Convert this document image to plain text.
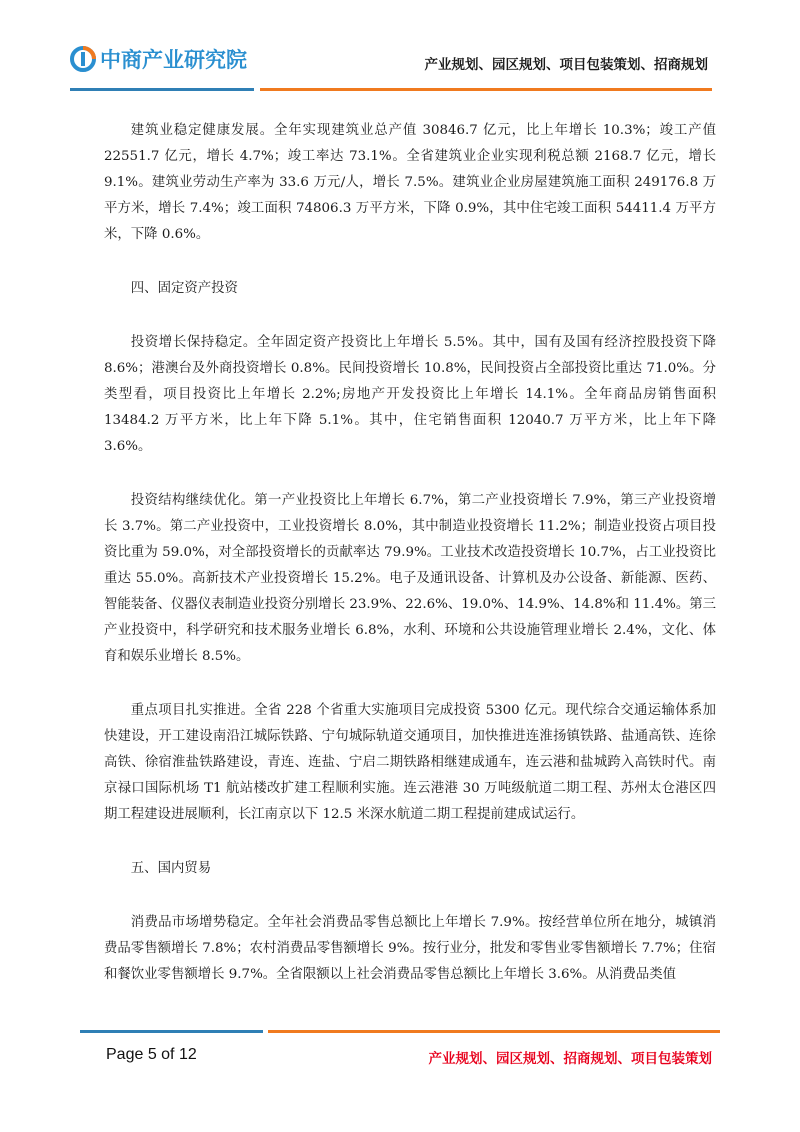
中商产业研究院	产业规划、园区规划、项目包装策划、招商规划

建筑业稳定健康发展。全年实现建筑业总产值 30846.7 亿元，比上年增长 10.3%；竣工产值 22551.7 亿元，增长 4.7%；竣工率达 73.1%。全省建筑业企业实现利税总额 2168.7 亿元，增长 9.1%。建筑业劳动生产率为 33.6 万元/人，增长 7.5%。建筑业企业房屋建筑施工面积 249176.8 万平方米，增长 7.4%；竣工面积 74806.3 万平方米，下降 0.9%，其中住宅竣工面积 54411.4 万平方米，下降 0.6%。

四、固定资产投资

投资增长保持稳定。全年固定资产投资比上年增长 5.5%。其中，国有及国有经济控股投资下降 8.6%；港澳台及外商投资增长 0.8%。民间投资增长 10.8%，民间投资占全部投资比重达 71.0%。分类型看，项目投资比上年增长 2.2%;房地产开发投资比上年增长 14.1%。全年商品房销售面积 13484.2 万平方米，比上年下降 5.1%。其中，住宅销售面积 12040.7 万平方米，比上年下降 3.6%。

投资结构继续优化。第一产业投资比上年增长 6.7%，第二产业投资增长 7.9%，第三产业投资增长 3.7%。第二产业投资中，工业投资增长 8.0%，其中制造业投资增长 11.2%；制造业投资占项目投资比重为 59.0%，对全部投资增长的贡献率达 79.9%。工业技术改造投资增长 10.7%，占工业投资比重达 55.0%。高新技术产业投资增长 15.2%。电子及通讯设备、计算机及办公设备、新能源、医药、智能装备、仪器仪表制造业投资分别增长 23.9%、22.6%、19.0%、14.9%、14.8%和 11.4%。第三产业投资中，科学研究和技术服务业增长 6.8%，水利、环境和公共设施管理业增长 2.4%，文化、体育和娱乐业增长 8.5%。

重点项目扎实推进。全省 228 个省重大实施项目完成投资 5300 亿元。现代综合交通运输体系加快建设，开工建设南沿江城际铁路、宁句城际轨道交通项目，加快推进连淮扬镇铁路、盐通高铁、连徐高铁、徐宿淮盐铁路建设，青连、连盐、宁启二期铁路相继建成通车，连云港和盐城跨入高铁时代。南京禄口国际机场 T1 航站楼改扩建工程顺利实施。连云港港 30 万吨级航道二期工程、苏州太仓港区四期工程建设进展顺利，长江南京以下 12.5 米深水航道二期工程提前建成试运行。

五、国内贸易

消费品市场增势稳定。全年社会消费品零售总额比上年增长 7.9%。按经营单位所在地分，城镇消费品零售额增长 7.8%；农村消费品零售额增长 9%。按行业分，批发和零售业零售额增长 7.7%；住宿和餐饮业零售额增长 9.7%。全省限额以上社会消费品零售总额比上年增长 3.6%。从消费品类值

Page 5 of 12	产业规划、园区规划、招商规划、项目包装策划
